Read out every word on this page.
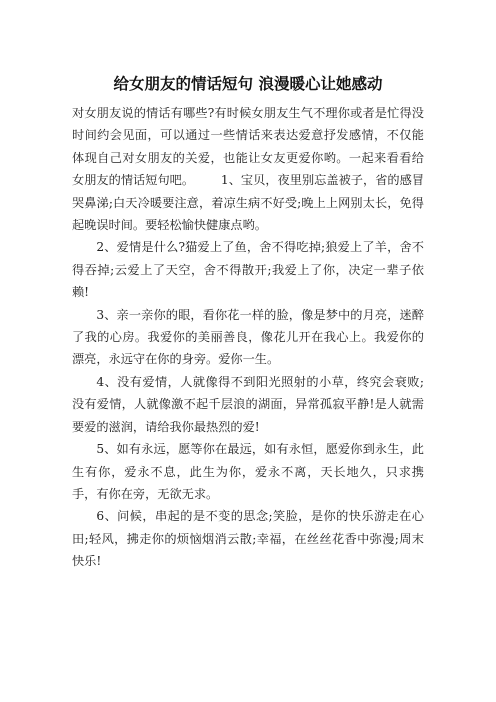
给女朋友的情话短句 浪漫暖心让她感动

对女朋友说的情话有哪些?有时候女朋友生气不理你或者是忙得没时间约会见面，可以通过一些情话来表达爱意抒发感情，不仅能体现自己对女朋友的关爱，也能让女友更爱你哟。一起来看看给女朋友的情话短句吧。 1、宝贝，夜里别忘盖被子，省的感冒哭鼻涕;白天冷暖要注意，着凉生病不好受;晚上上网别太长，免得起晚误时间。要轻松愉快健康点哟。

2、爱情是什么?猫爱上了鱼，舍不得吃掉;狼爱上了羊，舍不得吞掉;云爱上了天空，舍不得散开;我爱上了你，决定一辈子依赖!

3、亲一亲你的眼，看你花一样的脸，像是梦中的月亮，迷醉了我的心房。我爱你的美丽善良，像花儿开在我心上。我爱你的漂亮，永远守在你的身旁。爱你一生。

4、没有爱情，人就像得不到阳光照射的小草，终究会衰败;没有爱情，人就像激不起千层浪的湖面，异常孤寂平静!是人就需要爱的滋润，请给我你最热烈的爱!

5、如有永远，愿等你在最远，如有永恒，愿爱你到永生，此生有你，爱永不息，此生为你，爱永不离，天长地久，只求携手，有你在旁，无欲无求。

6、问候，串起的是不变的思念;笑脸，是你的快乐游走在心田;轻风，拂走你的烦恼烟消云散;幸福，在丝丝花香中弥漫;周末快乐!
